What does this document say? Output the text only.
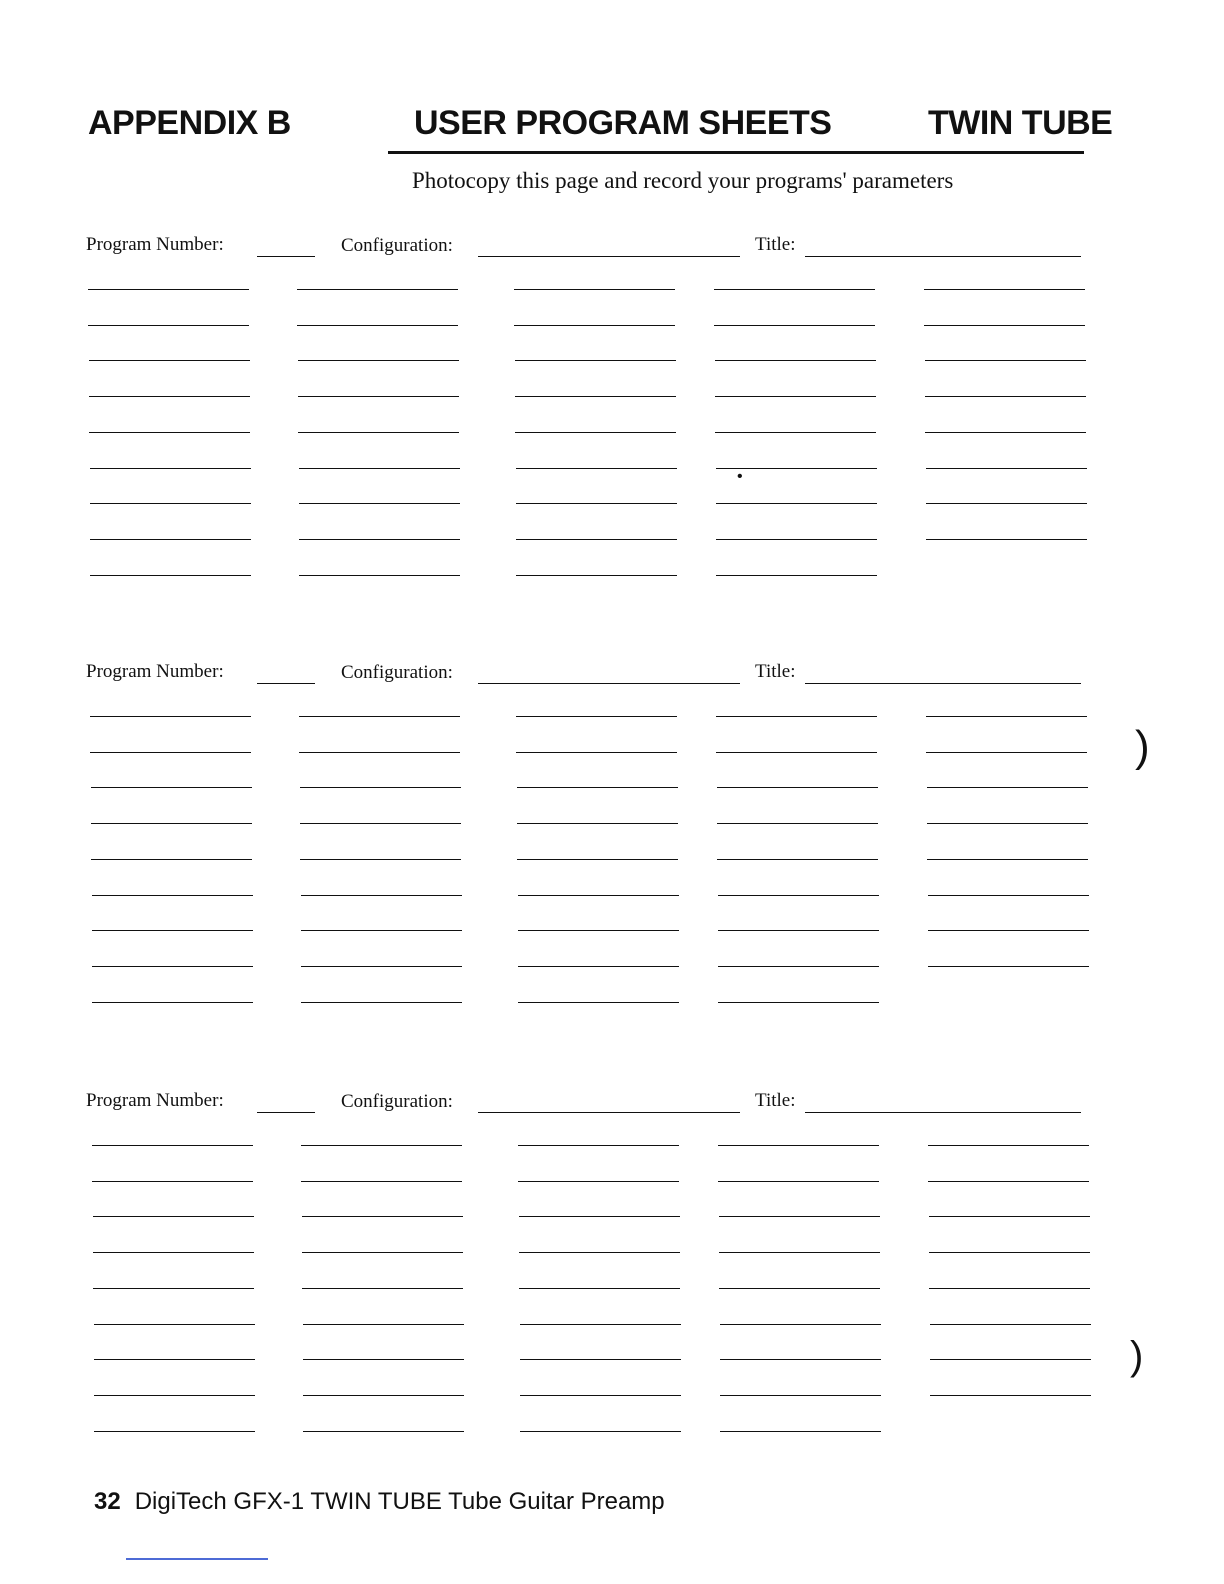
APPENDIX B	USER PROGRAM SHEETS	TWIN TUBE
Photocopy this page and record your programs' parameters
Program Number:	Configuration:	Title:
Program Number:	Configuration:	Title:
Program Number:	Configuration:	Title:
32 DigiTech GFX-1 TWIN TUBE Tube Guitar Preamp
)
)
•
